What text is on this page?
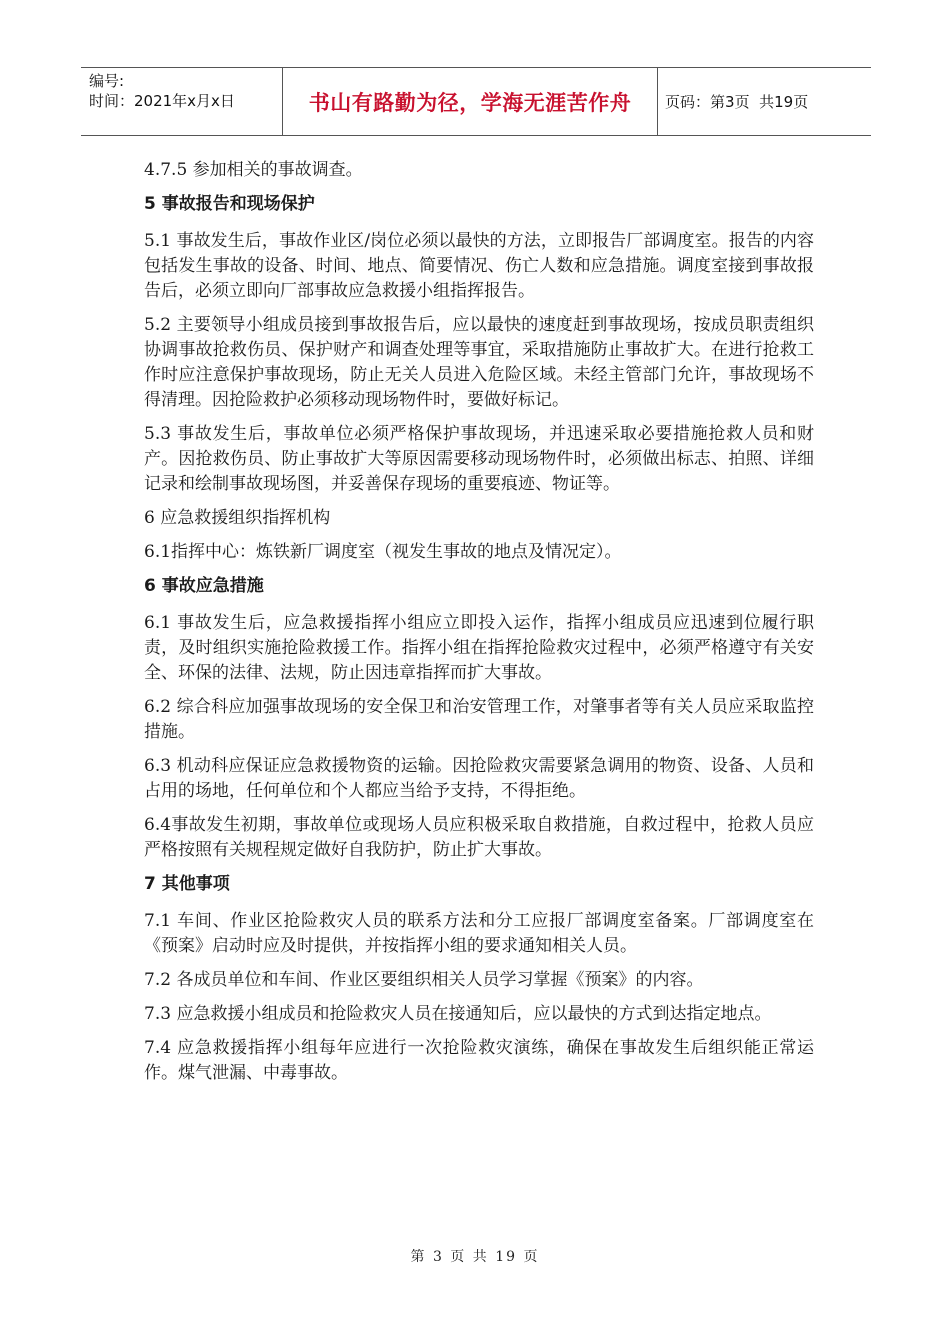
编号:
时间：2021年x月x日	书山有路勤为径，学海无涯苦作舟	页码：第 3 页  共 19 页
4.7.5 参加相关的事故调查。
5 事故报告和现场保护
5.1 事故发生后，事故作业区/岗位必须以最快的方法，立即报告厂部调度室。报告的内容包括发生事故的设备、时间、地点、简要情况、伤亡人数和应急措施。调度室接到事故报告后，必须立即向厂部事故应急救援小组指挥报告。
5.2 主要领导小组成员接到事故报告后，应以最快的速度赶到事故现场，按成员职责组织协调事故抢救伤员、保护财产和调查处理等事宜，采取措施防止事故扩大。在进行抢救工作时应注意保护事故现场，防止无关人员进入危险区域。未经主管部门允许，事故现场不得清理。因抢险救护必须移动现场物件时，要做好标记。
5.3 事故发生后，事故单位必须严格保护事故现场，并迅速采取必要措施抢救人员和财产。因抢救伤员、防止事故扩大等原因需要移动现场物件时，必须做出标志、拍照、详细记录和绘制事故现场图，并妥善保存现场的重要痕迹、物证等。
6 应急救援组织指挥机构
6.1指挥中心：炼铁新厂调度室（视发生事故的地点及情况定）。
6 事故应急措施
6.1 事故发生后，应急救援指挥小组应立即投入运作，指挥小组成员应迅速到位履行职责，及时组织实施抢险救援工作。指挥小组在指挥抢险救灾过程中，必须严格遵守有关安全、环保的法律、法规，防止因违章指挥而扩大事故。
6.2 综合科应加强事故现场的安全保卫和治安管理工作，对肇事者等有关人员应采取监控措施。
6.3 机动科应保证应急救援物资的运输。因抢险救灾需要紧急调用的物资、设备、人员和占用的场地，任何单位和个人都应当给予支持，不得拒绝。
6.4事故发生初期，事故单位或现场人员应积极采取自救措施，自救过程中，抢救人员应严格按照有关规程规定做好自我防护，防止扩大事故。
7 其他事项
7.1 车间、作业区抢险救灾人员的联系方法和分工应报厂部调度室备案。厂部调度室在《预案》启动时应及时提供，并按指挥小组的要求通知相关人员。
7.2 各成员单位和车间、作业区要组织相关人员学习掌握《预案》的内容。
7.3 应急救援小组成员和抢险救灾人员在接通知后，应以最快的方式到达指定地点。
7.4 应急救援指挥小组每年应进行一次抢险救灾演练，确保在事故发生后组织能正常运作。煤气泄漏、中毒事故。
第 3 页 共 19 页
